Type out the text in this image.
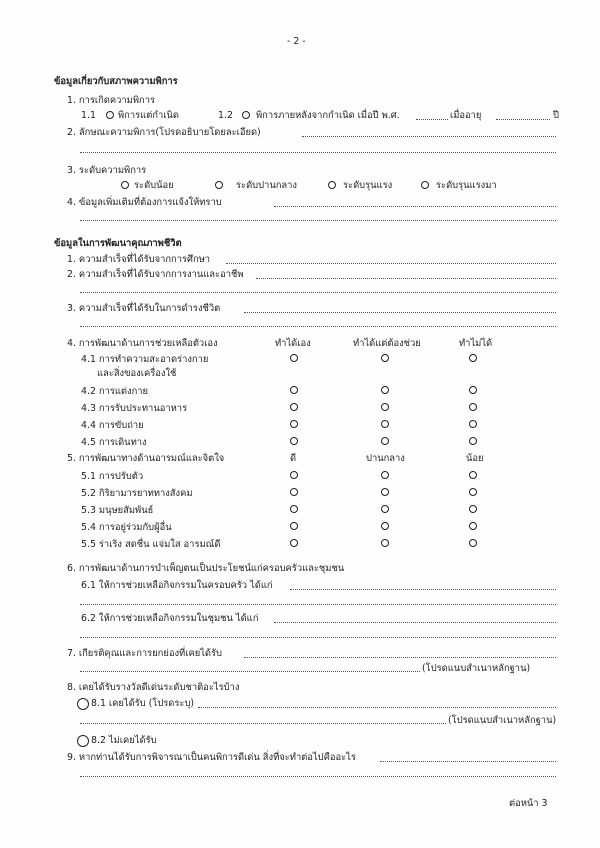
- 2 -
ข้อมูลเกี่ยวกับสภาพความพิการ
1. การเกิดความพิการ
1.1 พิการแต่กำเนิด	1.2 พิการภายหลังจากกำเนิด เมื่อปี พ.ศ.	เมื่ออายุ	ปี
2. ลักษณะความพิการ(โปรดอธิบายโดยละเอียด)
3. ระดับความพิการ
ระดับน้อย	ระดับปานกลาง	ระดับรุนแรง	ระดับรุนแรงมา
4. ข้อมูลเพิ่มเติมที่ต้องการแจ้งให้ทราบ
ข้อมูลในการพัฒนาคุณภาพชีวิต
1. ความสำเร็จที่ได้รับจากการศึกษา
2. ความสำเร็จที่ได้รับจากการงานและอาชีพ
3. ความสำเร็จที่ได้รับในการดำรงชีวิต
4. การพัฒนาด้านการช่วยเหลือตัวเอง	ทำได้เอง	ทำได้แต่ต้องช่วย	ทำไม่ได้
4.1 การทำความสะอาดร่างกาย
และสิ่งของเครื่องใช้
4.2 การแต่งกาย
4.3 การรับประทานอาหาร
4.4 การขับถ่าย
4.5 การเดินทาง
5. การพัฒนาทางด้านอารมณ์และจิตใจ	ดี	ปานกลาง	น้อย
5.1 การปรับตัว
5.2 กิริยามารยาททางสังคม
5.3 มนุษยสัมพันธ์
5.4 การอยู่ร่วมกับผู้อื่น
5.5 ร่าเริง สดชื่น แจ่มใส อารมณ์ดี
6. การพัฒนาด้านการบำเพ็ญตนเป็นประโยชน์แก่ครอบครัวและชุมชน
6.1 ให้การช่วยเหลือกิจกรรมในครอบครัว ได้แก่
6.2 ให้การช่วยเหลือกิจกรรมในชุมชน ได้แก่
7. เกียรติคุณและการยกย่องที่เคยได้รับ
(โปรดแนบสำเนาหลักฐาน)
8. เคยได้รับรางวัลดีเด่นระดับชาติอะไรบ้าง
8.1 เคยได้รับ (โปรดระบุ)
(โปรดแนบสำเนาหลักฐาน)
8.2 ไม่เคยได้รับ
9. หากท่านได้รับการพิจารณาเป็นคนพิการดีเด่น สิ่งที่จะทำต่อไปคืออะไร
ต่อหน้า 3
